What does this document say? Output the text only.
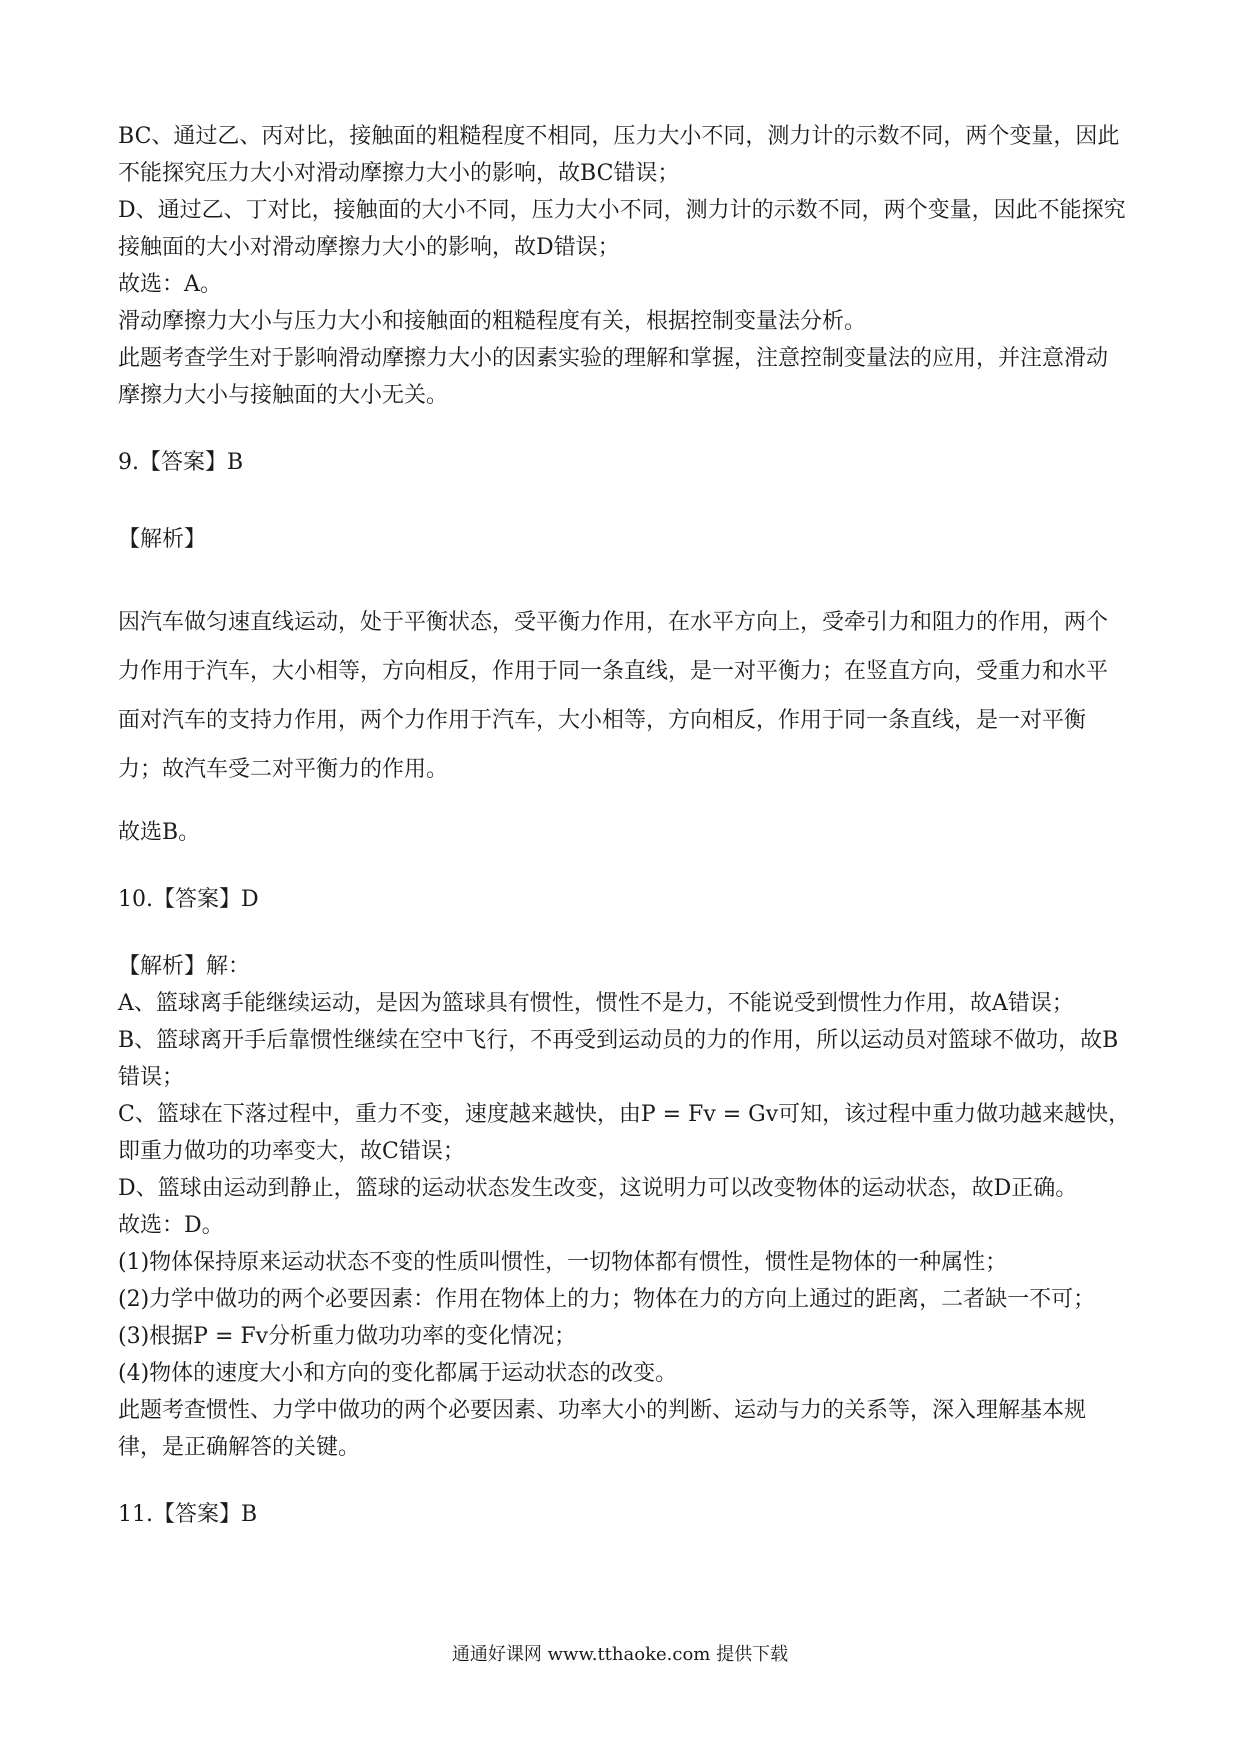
BC、通过乙、丙对比，接触面的粗糙程度不相同，压力大小不同，测力计的示数不同，两个变量，因此
不能探究压力大小对滑动摩擦力大小的影响，故BC错误；
D、通过乙、丁对比，接触面的大小不同，压力大小不同，测力计的示数不同，两个变量，因此不能探究
接触面的大小对滑动摩擦力大小的影响，故D错误；
故选：A。
滑动摩擦力大小与压力大小和接触面的粗糙程度有关，根据控制变量法分析。
此题考查学生对于影响滑动摩擦力大小的因素实验的理解和掌握，注意控制变量法的应用，并注意滑动
摩擦力大小与接触面的大小无关。
9.【答案】B
【解析】
因汽车做匀速直线运动，处于平衡状态，受平衡力作用，在水平方向上，受牵引力和阻力的作用，两个
力作用于汽车，大小相等，方向相反，作用于同一条直线，是一对平衡力；在竖直方向，受重力和水平
面对汽车的支持力作用，两个力作用于汽车，大小相等，方向相反，作用于同一条直线，是一对平衡
力；故汽车受二对平衡力的作用。
故选B。
10.【答案】D
【解析】解：
A、篮球离手能继续运动，是因为篮球具有惯性，惯性不是力，不能说受到惯性力作用，故A错误；
B、篮球离开手后靠惯性继续在空中飞行，不再受到运动员的力的作用，所以运动员对篮球不做功，故B
错误；
C、篮球在下落过程中，重力不变，速度越来越快，由P = Fv = Gv可知，该过程中重力做功越来越快，
即重力做功的功率变大，故C错误；
D、篮球由运动到静止，篮球的运动状态发生改变，这说明力可以改变物体的运动状态，故D正确。
故选：D。
(1)物体保持原来运动状态不变的性质叫惯性，一切物体都有惯性，惯性是物体的一种属性；
(2)力学中做功的两个必要因素：作用在物体上的力；物体在力的方向上通过的距离，二者缺一不可；
(3)根据P = Fv分析重力做功功率的变化情况；
(4)物体的速度大小和方向的变化都属于运动状态的改变。
此题考查惯性、力学中做功的两个必要因素、功率大小的判断、运动与力的关系等，深入理解基本规
律，是正确解答的关键。
11.【答案】B
通通好课网 www.tthaoke.com 提供下载
